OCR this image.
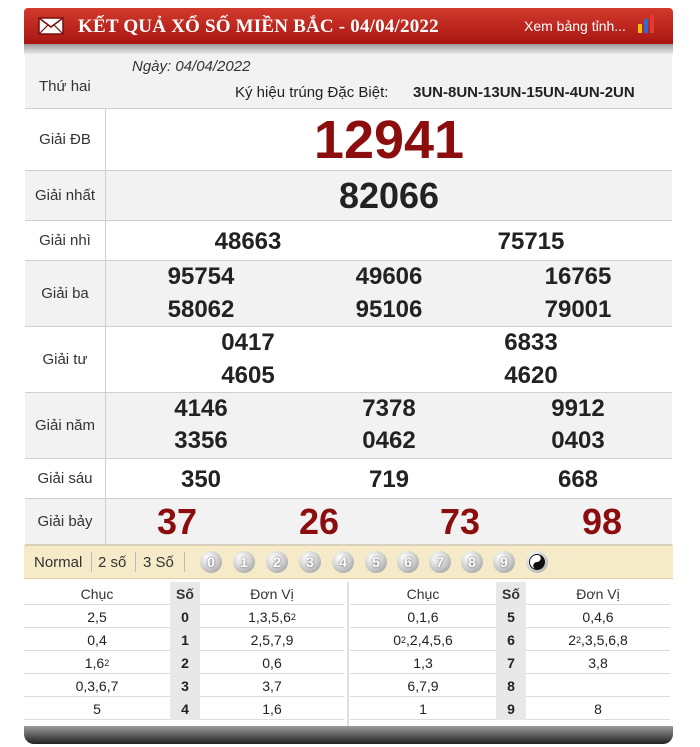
KẾT QUẢ XỔ SỐ MIỀN BẮC - 04/04/2022	Xem bảng tỉnh...
Thứ hai
Ngày: 04/04/2022
Ký hiệu trúng Đặc Biệt: 3UN-8UN-13UN-15UN-4UN-2UN
Giải ĐB	12941
Giải nhất	82066
Giải nhì	48663	75715
Giải ba
95754	49606	16765
58062	95106	79001
Giải tư
0417	6833
4605	4620
Giải năm
4146	7378	9912
3356	0462	0403
Giải sáu	350	719	668
Giải bảy	37	26	73	98
Normal 2 số 3 Số	0	1	2	3	4	5	6	7	8	9
Chục	Số	Đơn Vị
2,5	0	1,3,5,6 2
0,4	1	2,5,7,9
1,6 2	2	0,6
0,3,6,7	3	3,7
5	4	1,6
Chục	Số	Đơn Vị
0,1,6	5	0,4,6
0 2 ,2,4,5,6	6	2 2 ,3,5,6,8
1,3	7	3,8
6,7,9	8
1	9	8
